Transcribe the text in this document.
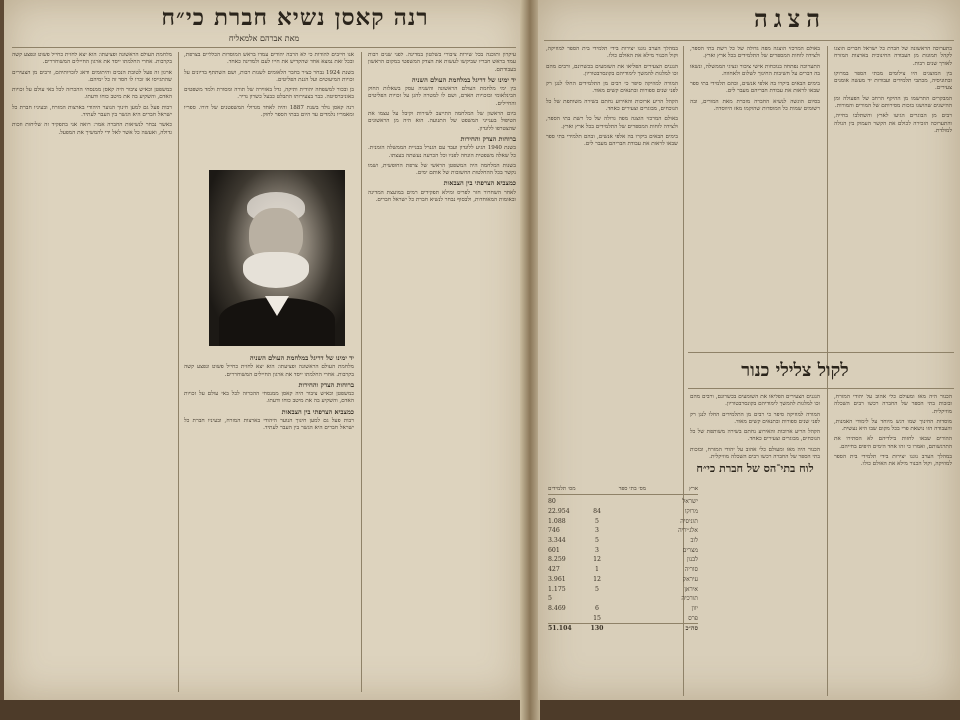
רנה קאסן נשיא חברת כי״ח
מאת אברהם אלמאליח

עיקרון ותוכנה בכל שירות ציבורי בשלטון במדינה. לפני שנים רבות עמד בראש חבריו שביקשו לעשות את הצדק המשפטי במקום הראשון בעבודתם.

יד ימינו של דריגל במלחמת העולם השניה

בין ימי מלחמת העולם הראשונה והשניה עסק בשאלות החוק הבינלאומי ובזכויות האדם, ושם לו למטרה להגן על זכויות הפליטים והחיילים.

ביום הראשון של המלחמה התייצב לשירות וקיבל על עצמו את הטיפול בענייני המשפט של התנועה. הוא היה מן הראשונים שהצטרפו ללונדון.

ברוחות הצדק והחירות

בשנת 1940 הגיע ללונדון ועבד עם הגנרל בבניית הממשלה הזמנית. כל שאלה משפטית הונחה לפניו וכל הכרעה נעשתה בעצתו.

בשנות המלחמה היה המשפטן הראשי של צרפת החופשית, ושמו נקשר בכל ההחלטות החשובות של אותם ימים.

כמצביא הצרפתי בין הצבאות

לאחר השחרור חזר לפריס ומילא תפקידים רמים במועצת המדינה ובאומות המאוחדות, ולבסוף נבחר לנשיא חברת כל ישראל חברים.

אנו חייבים להודות כי לא הרבה יהודים עמדו בראש המוסדות הכלליים בצרפת, ובכל זאת נמצא אחד שהקדיש את חייו לעם ולמדינה כאחד.

בשנת 1924 נבחר כציר בחבר הלאומים לשנות רבות, ושם השתתף בדיונים על זכויות המיעוטים ועל הגנת הפליטים.

בן ובכור למשפחה יהודית ותיקה, גדל באווירה של תורה ומסורת ולמד משפטים באוניברסיטה. כבר בצעירותו התבלט כבעל כשרון נדיר.

רנה קאסן נולד בשנת 1887 והיה לאחד מגדולי המשפטנים של דורו. ספריו ומאמריו נלמדים עד היום בבתי הספר לחוק.

מלחמת העולם הראשונה ופציעתו: הוא יצא לחזית כחייל פשוט ונפצע קשה בקרבות. אחרי החלמתו ייסד את ארגון החיילים המשוחררים.

ארגון זה פעל לטובת הנכים והיתומים ודאג לזכויותיהם, ורבים מן הצעירים שהתגייסו אז זכרו לו חסד זה כל ימיהם.

כמשפטן וכאיש ציבור היה קאסן ממנסחי ההכרזה לכל באי עולם על זכויות האדם, והשקיע בה את מיטב כוחו ודעתו.

רבות פעל גם למען חינוך הנוער היהודי בארצות המזרח, ובעיניו חברת כל ישראל חברים היא הגשר בין העבר לעתיד.

כאשר נבחר לנשיאות החברה אמר: רואה אני בתפקיד זה שליחות וזכות גדולה, ואעשה כל אשר לאל ידי להמשיך את המפעל.

יד ימינו של דריגל במלחמת העולם השניה

מלחמת העולם הראשונה ופציעתו: הוא יצא לחזית כחייל פשוט ונפצע קשה בקרבות. אחרי החלמתו ייסד את ארגון החיילים המשוחררים.

ברוחות הצדק והחירות

כמשפטן וכאיש ציבור היה קאסן ממנסחי ההכרזה לכל באי עולם על זכויות האדם, והשקיע בה את מיטב כוחו ודעתו.

כמצביא הצרפתי בין הצבאות

רבות פעל גם למען חינוך הנוער היהודי בארצות המזרח, ובעיניו חברת כל ישראל חברים היא הגשר בין העבר לעתיד.

הצגה

בתערוכה הראשונה של חברת כל ישראל חברים הוצגו לקהל תמונות מן העבודה החינוכית בארצות המזרח לאורך שנים רבות.

בין המוצגים היו צילומים מבתי הספר במרוקו ובתוניסיה, מכתבי תלמידים ועבודות יד מעשה אומנים צעירים.

המבקרים התרשמו מן ההיקף הרחב של הפעולה ומן ההישגים שהושגו בזכות מסירותם של המורים והמורות.

רבים מן הבוגרים הגיעו לארץ והשתלבו בחייה, והתערוכה הזכירה לכולם את הקשר העמוק בין הגולה למולדת.

באולם המרכזי הוצגה מפה גדולה של כל רשת בתי הספר, ולצידה לוחות המספרים של התלמידים בכל ארץ וארץ.

התערוכה נפתחה בנוכחות אישי ציבור ונציגי הממשלה, ונשאו בה דברים על חשיבות החינוך לשלום ולאחווה.

בימים הבאים ביקרו בה אלפי אנשים, ובהם תלמידי בתי ספר שבאו לראות את עבודת חבריהם מעבר לים.

בסיום הוגשה לנשיא החברה מזכרת מאת המורים, ובה רשומים שמות כל המוסדות שהוקמו מאז היווסדה.

במהלך הערב נוגנו יצירות בידי תלמידי בית הספר למוזיקה, וקול הכנור מילא את האולם כולו.

הנגנים הצעירים הפליאו את השומעים בכשרונם, ורבים מהם זכו למלגות להמשך לימודיהם בקונסרבטוריון.

המורה למוזיקה סיפר כי רבים מן התלמידים החלו לנגן רק לפני שנים ספורות ובתנאים קשים מאוד.

הקהל הריע ארוכות והאירוע נחתם בשירה משותפת של כל הנוכחים, מבוגרים וצעירים כאחד.

באולם המרכזי הוצגה מפה גדולה של כל רשת בתי הספר, ולצידה לוחות המספרים של התלמידים בכל ארץ וארץ.

בימים הבאים ביקרו בה אלפי אנשים, ובהם תלמידי בתי ספר שבאו לראות את עבודת חבריהם מעבר לים.

לקול צלילי כנור

הכנור היה מאז ומעולם כלי אהוב על יהודי המזרח, ובזכות בתי הספר של החברה רכשו רבים השכלה מוזיקלית.

מוסדות החינוך שמו דגש מיוחד על לימודי האמנות, והעבודה הזו נושאת פרי בכל מקום שבו היא נעשית.

ההורים שבאו לחזות בילדיהם לא הסתירו את התרגשותם, ואמרו כי זהו אחד הימים היפים בחייהם.

במהלך הערב נוגנו יצירות בידי תלמידי בית הספר למוזיקה, וקול הכנור מילא את האולם כולו.

הנגנים הצעירים הפליאו את השומעים בכשרונם, ורבים מהם זכו למלגות להמשך לימודיהם בקונסרבטוריון.

המורה למוזיקה סיפר כי רבים מן התלמידים החלו לנגן רק לפני שנים ספורות ובתנאים קשים מאוד.

הקהל הריע ארוכות והאירוע נחתם בשירה משותפת של כל הנוכחים, מבוגרים וצעירים כאחד.

הכנור היה מאז ומעולם כלי אהוב על יהודי המזרח, ובזכות בתי הספר של החברה רכשו רבים השכלה מוזיקלית.

לוח בתי־הס של חברת כי״ח
ארץ
מס׳ בתי ספר
מס׳ תלמידים
ישראל
80
מרוקו
84
22.954
תוניסיה
5
1.088
אלג׳יריה
3
746
לוב
5
3.344
מצרים
3
601
לבנון
12
8.259
סוריה
1
427
עיראק
12
3.961
איראן
5
1.175
תורכיה
5
יוון
6
8.469
פרס
15
סה״כ
130
51.104
